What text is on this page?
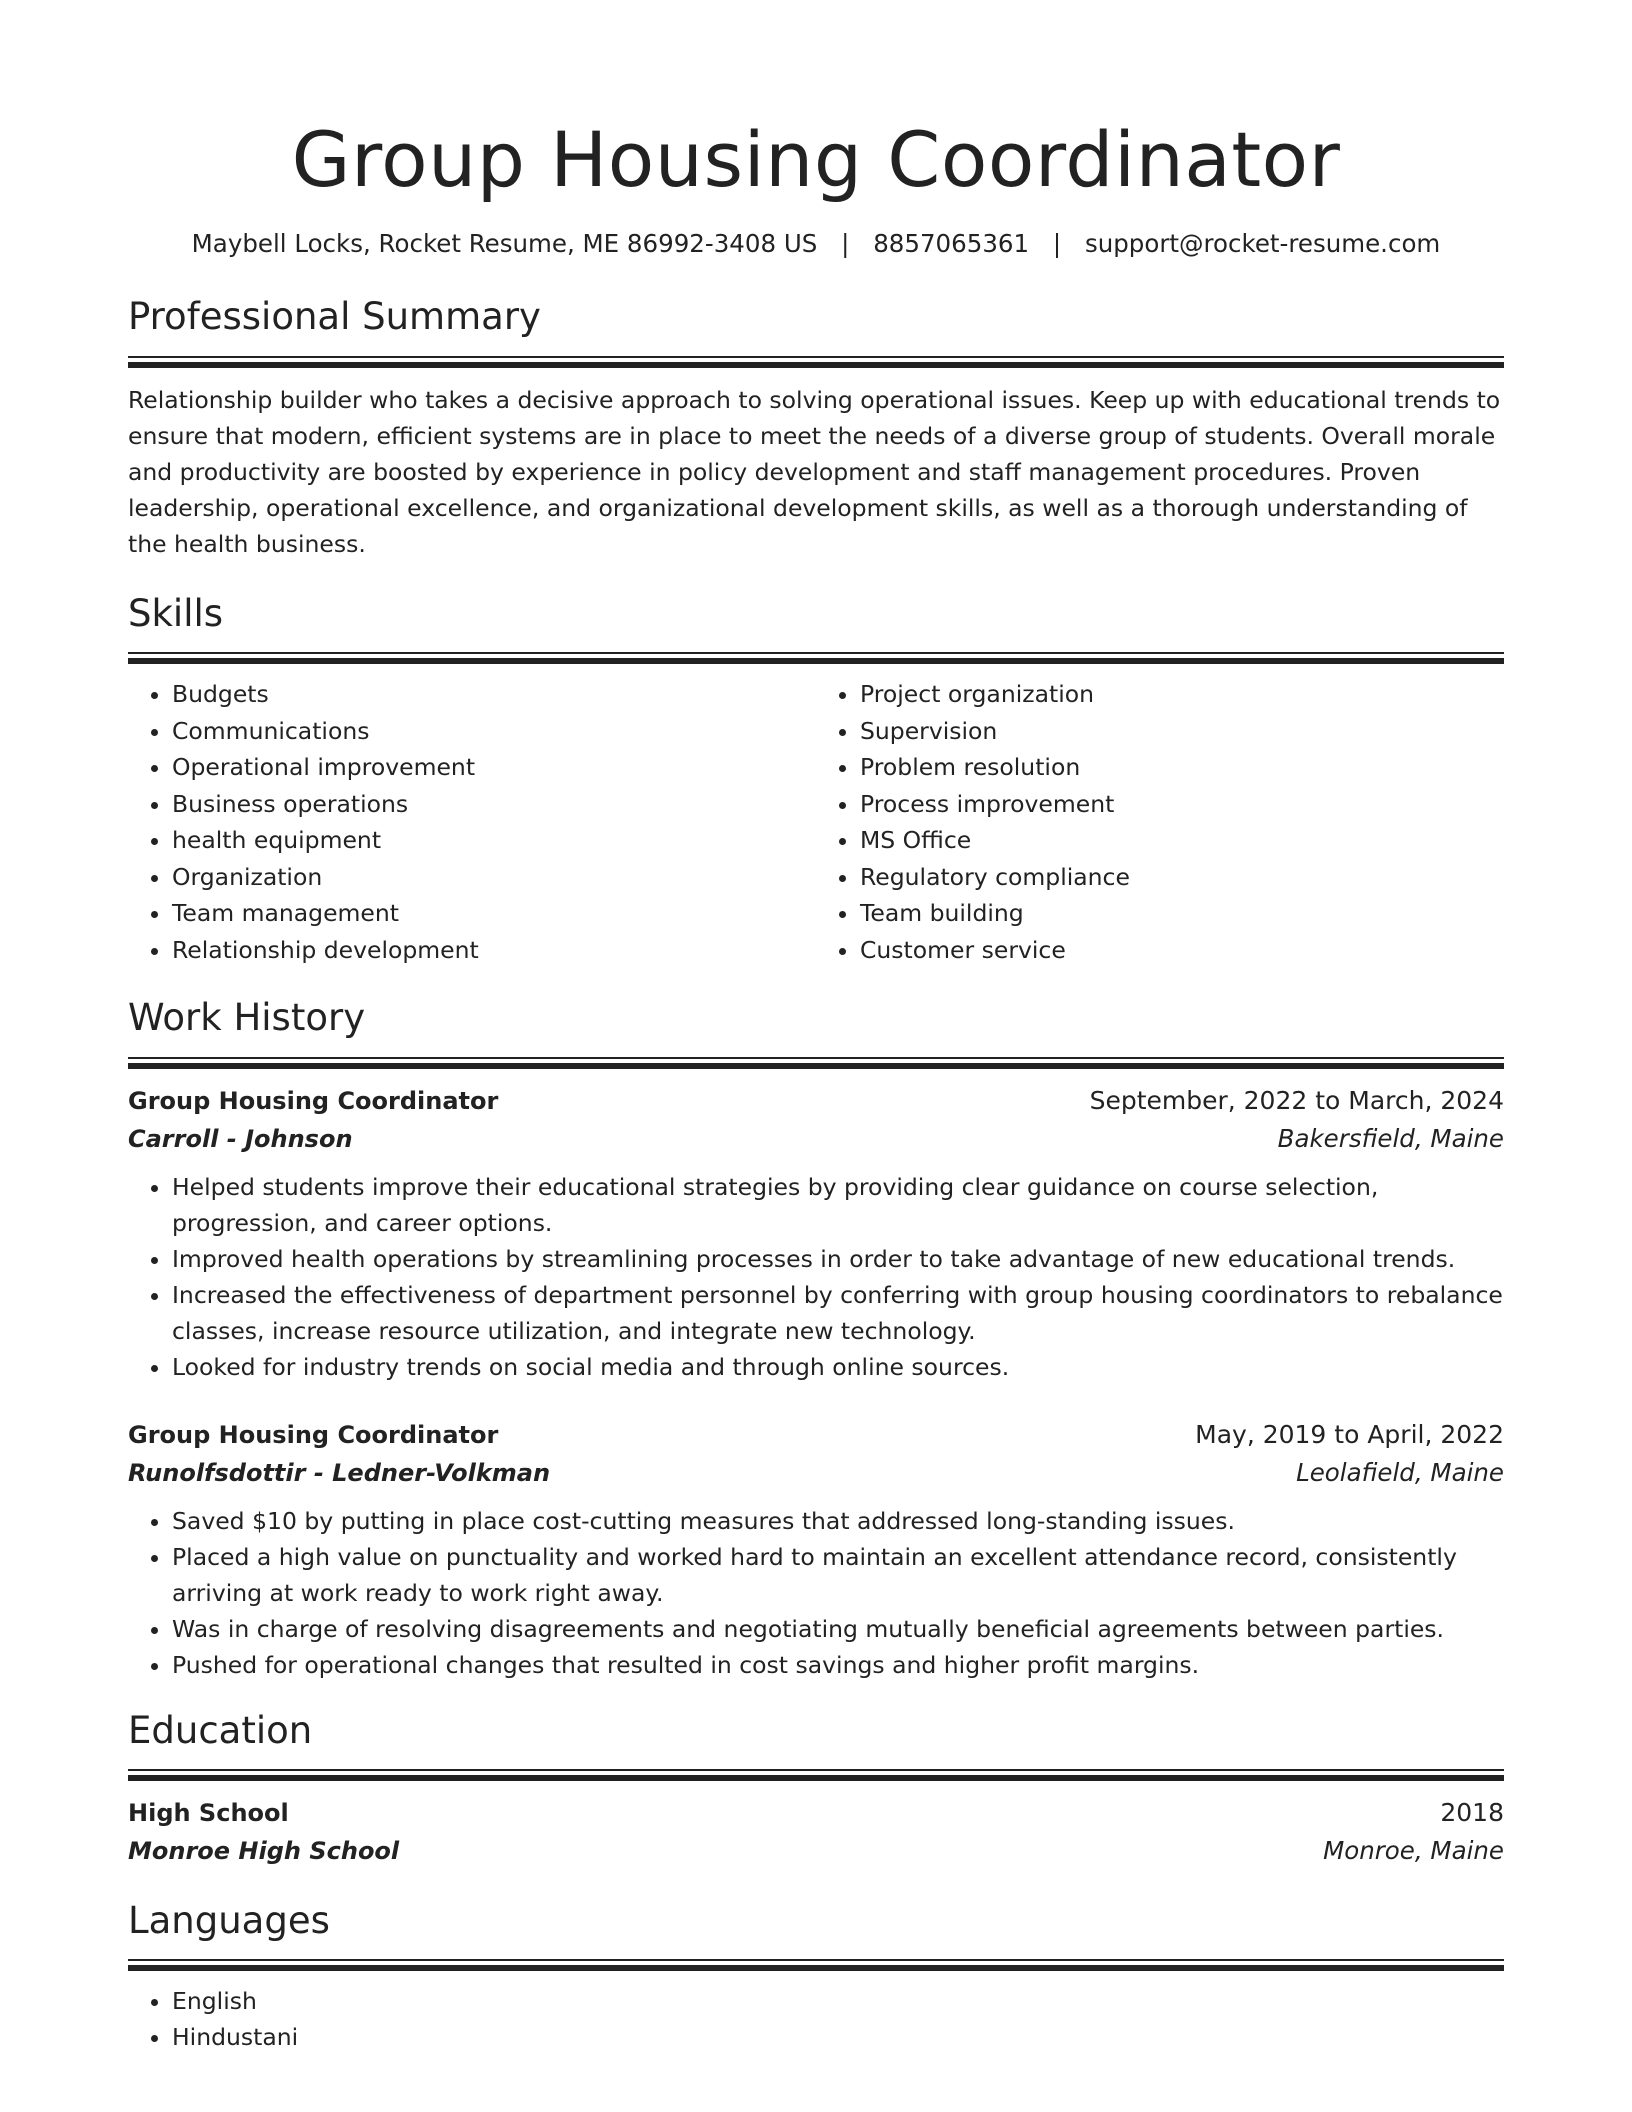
Group Housing Coordinator
Maybell Locks, Rocket Resume, ME 86992-3408 US | 8857065361 | support@rocket-resume.com
Professional Summary

Relationship builder who takes a decisive approach to solving operational issues. Keep up with educational trends to ensure that modern, efficient systems are in place to meet the needs of a diverse group of students. Overall morale and productivity are boosted by experience in policy development and staff management procedures. Proven leadership, operational excellence, and organizational development skills, as well as a thorough understanding of the health business.

Skills
• Budgets
• Communications
• Operational improvement
• Business operations
• health equipment
• Organization
• Team management
• Relationship development
• Project organization
• Supervision
• Problem resolution
• Process improvement
• MS Office
• Regulatory compliance
• Team building
• Customer service
Work History
Group Housing Coordinator	September, 2022 to March, 2024
Carroll - Johnson	Bakersfield, Maine
• Helped students improve their educational strategies by providing clear guidance on course selection, progression, and career options.
• Improved health operations by streamlining processes in order to take advantage of new educational trends.
• Increased the effectiveness of department personnel by conferring with group housing coordinators to rebalance classes, increase resource utilization, and integrate new technology.
• Looked for industry trends on social media and through online sources.
Group Housing Coordinator	May, 2019 to April, 2022
Runolfsdottir - Ledner-Volkman	Leolafield, Maine
• Saved $10 by putting in place cost-cutting measures that addressed long-standing issues.
• Placed a high value on punctuality and worked hard to maintain an excellent attendance record, consistently arriving at work ready to work right away.
• Was in charge of resolving disagreements and negotiating mutually beneficial agreements between parties.
• Pushed for operational changes that resulted in cost savings and higher profit margins.
Education
High School	2018
Monroe High School	Monroe, Maine
Languages
• English
• Hindustani
